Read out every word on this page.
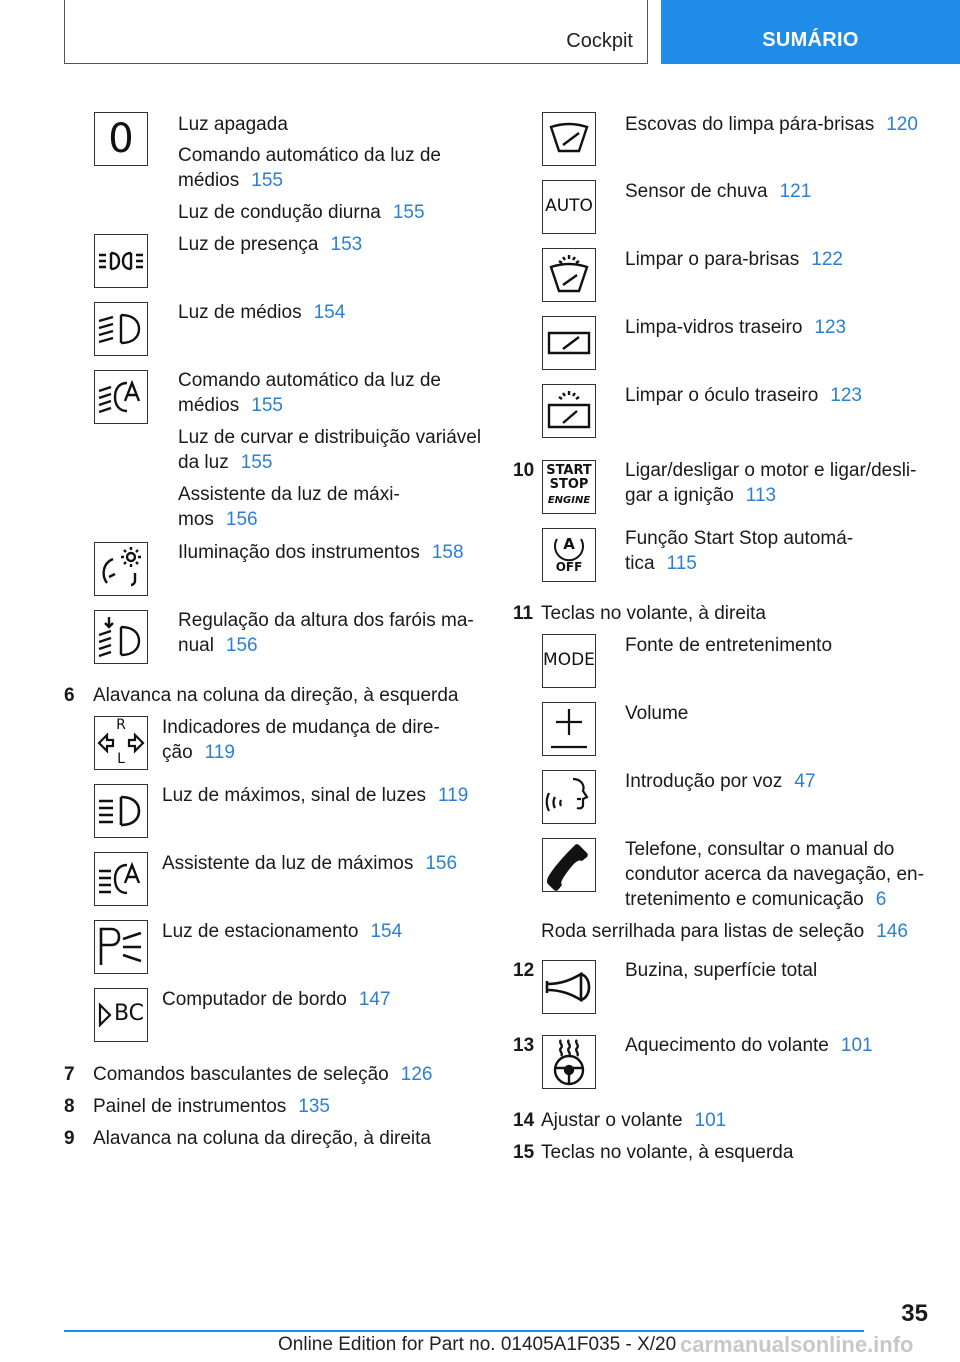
Cockpit	SUMÁRIO
0	Luz apagada
Comando automático da luz de
médios 155
Luz de condução diurna 155
Luz de presença 153
Luz de médios 154
Comando automático da luz de
médios 155
Luz de curvar e distribuição variável
da luz 155
Assistente da luz de máxi-
mos 156
Iluminação dos instrumentos 158
Regulação da altura dos faróis ma-
nual 156
6 Alavanca na coluna da direção, à esquerda
R
L
Indicadores de mudança de dire-
ção 119
Luz de máximos, sinal de luzes 119
Assistente da luz de máximos 156
Luz de estacionamento 154
BC
Computador de bordo 147
7 Comandos basculantes de seleção 126
8 Painel de instrumentos 135
9 Alavanca na coluna da direção, à direita
Escovas do limpa pára-brisas 120
AUTO
Sensor de chuva 121
Limpar o para-brisas 122
Limpa-vidros traseiro 123
Limpar o óculo traseiro 123
10 START
STOP
ENGINE
Ligar/desligar o motor e ligar/desli-
gar a ignição 113
A
OFF
Função Start Stop automá-
tica 115
11 Teclas no volante, à direita
MODE
Fonte de entretenimento
Volume
Introdução por voz 47
Telefone, consultar o manual do
condutor acerca da navegação, en-
tretenimento e comunicação 6
Roda serrilhada para listas de seleção 146
12	Buzina, superfície total
13	Aquecimento do volante 101
14 Ajustar o volante 101
15 Teclas no volante, à esquerda
35
Online Edition for Part no. 01405A1F035 - X/20 carmanualsonline.info
